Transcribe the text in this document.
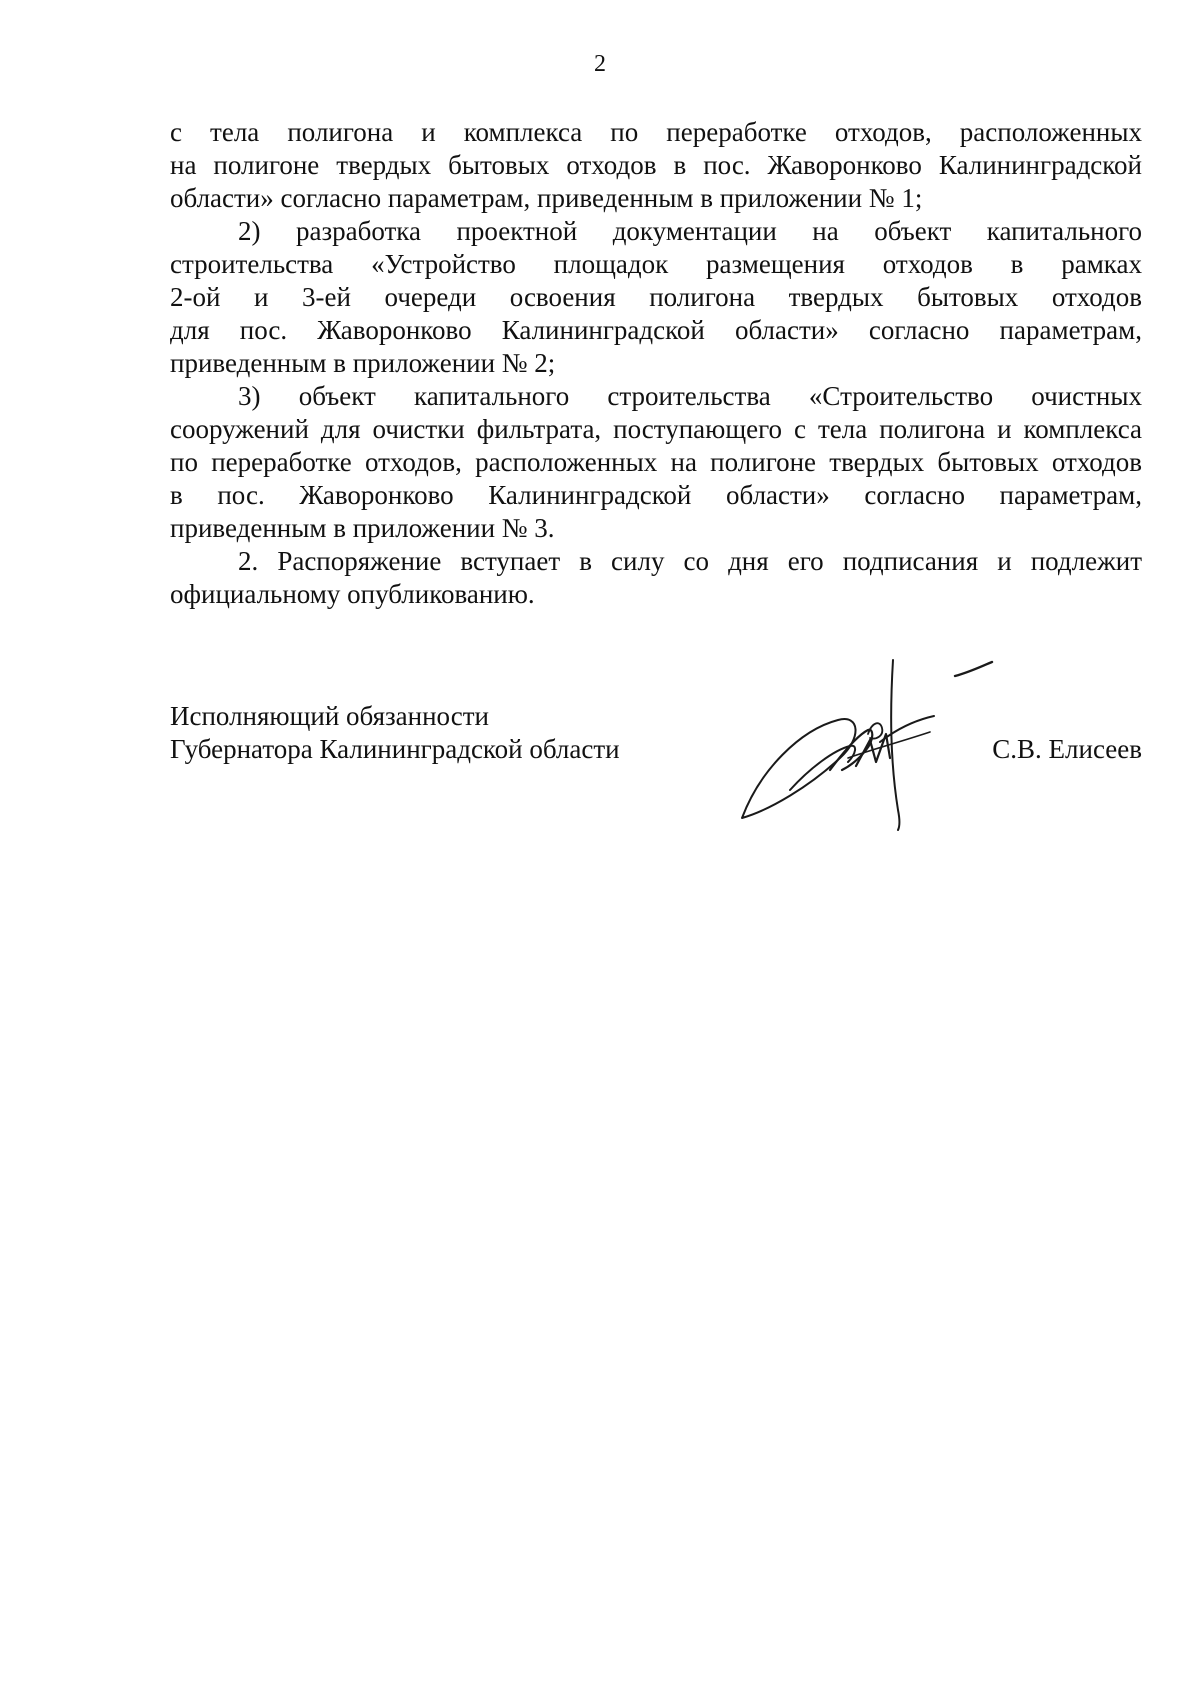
2
с тела полигона и комплекса по переработке отходов, расположенных
на полигоне твердых бытовых отходов в пос. Жаворонково Калининградской
области» согласно параметрам, приведенным в приложении № 1;
2) разработка проектной документации на объект капитального
строительства «Устройство площадок размещения отходов в рамках
2-ой и 3-ей очереди освоения полигона твердых бытовых отходов
для пос. Жаворонково Калининградской области» согласно параметрам,
приведенным в приложении № 2;
3) объект капитального строительства «Строительство очистных
сооружений для очистки фильтрата, поступающего с тела полигона и комплекса
по переработке отходов, расположенных на полигоне твердых бытовых отходов
в пос. Жаворонково Калининградской области» согласно параметрам,
приведенным в приложении № 3.
2. Распоряжение вступает в силу со дня его подписания и подлежит
официальному опубликованию.
Исполняющий обязанности
Губернатора Калининградской области	С.В. Елисеев
